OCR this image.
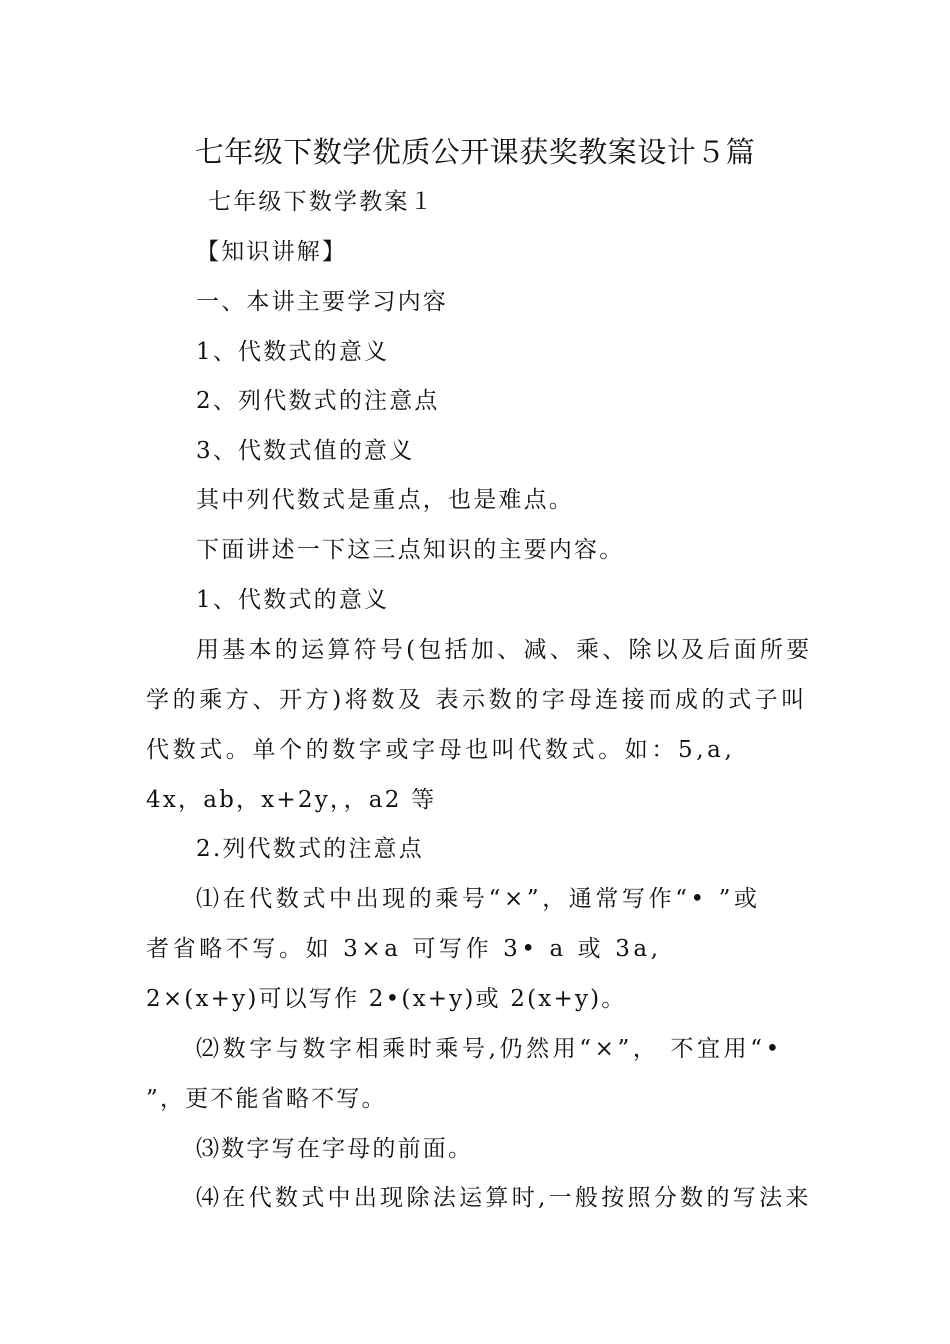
七年级下数学优质公开课获奖教案设计５篇
七年级下数学教案１
【知识讲解】
一、本讲主要学习内容
1、代数式的意义
2、列代数式的注意点
3、代数式值的意义
其中列代数式是重点，也是难点。
下面讲述一下这三点知识的主要内容。
1、代数式的意义
用基本的运算符号(包括加、减、乘、除以及后面所要
学的乘方、开方)将数及 表示数的字母连接而成的式子叫
代数式。单个的数字或字母也叫代数式。如：5,a,
4x，ab，x+2y，，a2 等
2.列代数式的注意点
⑴在代数式中出现的乘号“×”，通常写作“• ”或
者省略不写。如 3×a 可写作 3• a 或 3a,
2×(x+y)可以写作 2•(x+y)或 2(x+y)。
⑵数字与数字相乘时乘号,仍然用“×”， 不宜用“•
”，更不能省略不写。
⑶数字写在字母的前面。
⑷在代数式中出现除法运算时,一般按照分数的写法来
